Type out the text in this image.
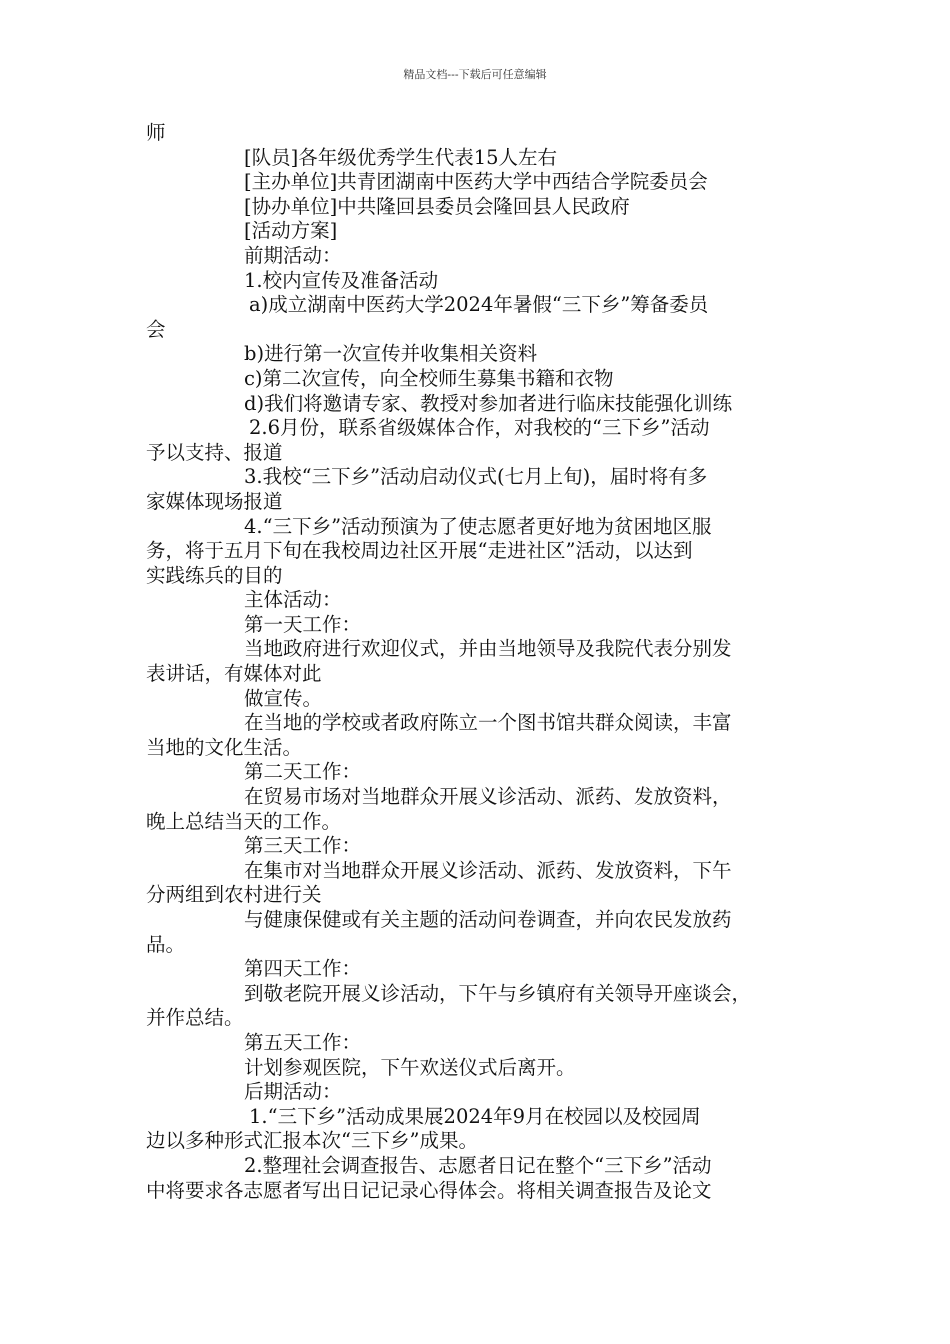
精品文档---下载后可任意编辑
师
[队员]各年级优秀学生代表15人左右
[主办单位]共青团湖南中医药大学中西结合学院委员会
[协办单位]中共隆回县委员会隆回县人民政府
[活动方案]
前期活动：
1.校内宣传及准备活动
a)成立湖南中医药大学2024年暑假“三下乡”筹备委员
会
b)进行第一次宣传并收集相关资料
c)第二次宣传，向全校师生募集书籍和衣物
d)我们将邀请专家、教授对参加者进行临床技能强化训练
2.6月份，联系省级媒体合作，对我校的“三下乡”活动
予以支持、报道
3.我校“三下乡”活动启动仪式(七月上旬)，届时将有多
家媒体现场报道
4.“三下乡”活动预演为了使志愿者更好地为贫困地区服
务，将于五月下旬在我校周边社区开展“走进社区”活动，以达到
实践练兵的目的
主体活动：
第一天工作：
当地政府进行欢迎仪式，并由当地领导及我院代表分别发
表讲话，有媒体对此
做宣传。
在当地的学校或者政府陈立一个图书馆共群众阅读，丰富
当地的文化生活。
第二天工作：
在贸易市场对当地群众开展义诊活动、派药、发放资料，
晚上总结当天的工作。
第三天工作：
在集市对当地群众开展义诊活动、派药、发放资料，下午
分两组到农村进行关
与健康保健或有关主题的活动问卷调查，并向农民发放药
品。
第四天工作：
到敬老院开展义诊活动，下午与乡镇府有关领导开座谈会，
并作总结。
第五天工作：
计划参观医院，下午欢送仪式后离开。
后期活动：
1.“三下乡”活动成果展2024年9月在校园以及校园周
边以多种形式汇报本次“三下乡”成果。
2.整理社会调查报告、志愿者日记在整个“三下乡”活动
中将要求各志愿者写出日记记录心得体会。将相关调查报告及论文
